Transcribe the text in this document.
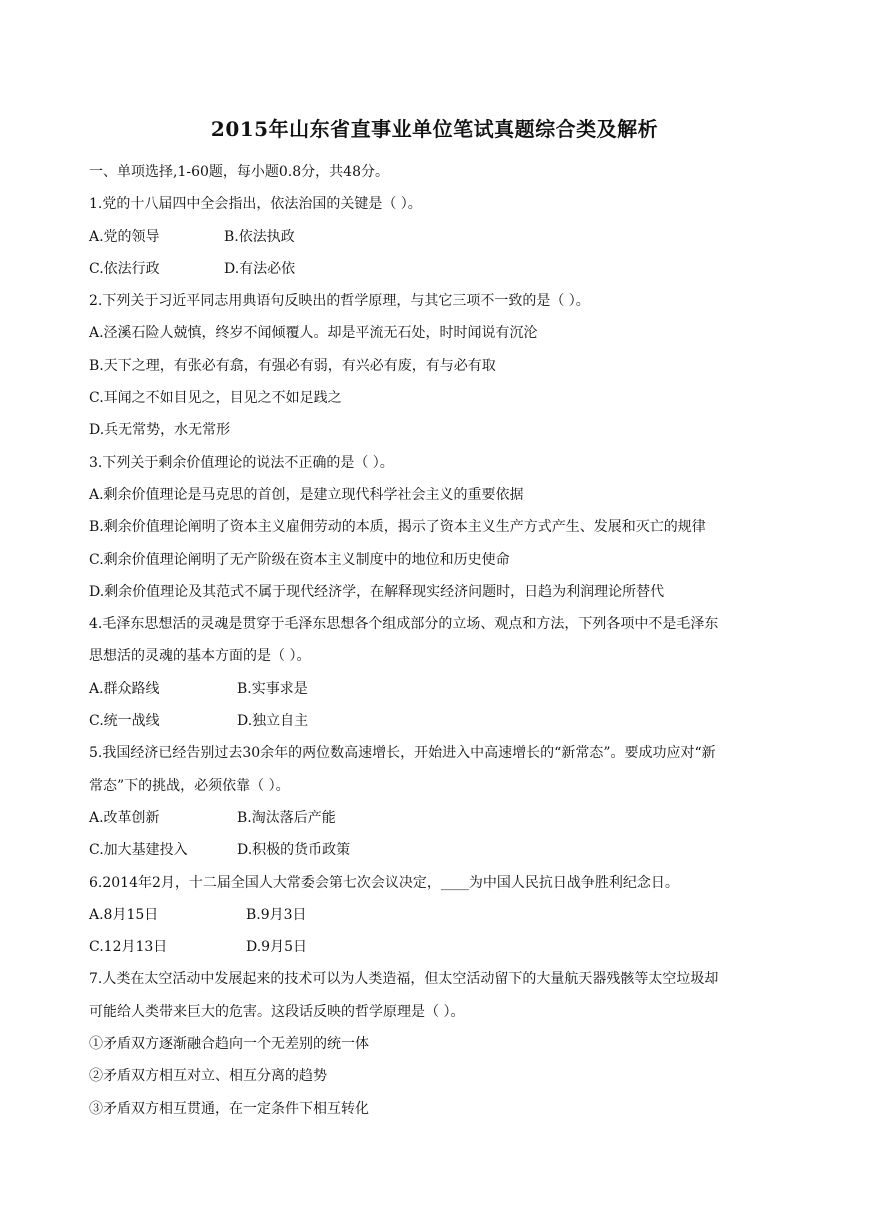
2015年山东省直事业单位笔试真题综合类及解析
一、单项选择,1-60题，每小题0.8分，共48分。
1.党的十八届四中全会指出，依法治国的关键是（ ）。
A.党的领导	B.依法执政
C.依法行政	D.有法必依
2.下列关于习近平同志用典语句反映出的哲学原理，与其它三项不一致的是（ ）。
A.泾溪石险人兢慎，终岁不闻倾覆人。却是平流无石处，时时闻说有沉沦
B.天下之理，有张必有翕，有强必有弱，有兴必有废，有与必有取
C.耳闻之不如目见之，目见之不如足践之
D.兵无常势，水无常形
3.下列关于剩余价值理论的说法不正确的是（ ）。
A.剩余价值理论是马克思的首创，是建立现代科学社会主义的重要依据
B.剩余价值理论阐明了资本主义雇佣劳动的本质，揭示了资本主义生产方式产生、发展和灭亡的规律
C.剩余价值理论阐明了无产阶级在资本主义制度中的地位和历史使命
D.剩余价值理论及其范式不属于现代经济学，在解释现实经济问题时，日趋为利润理论所替代
4.毛泽东思想活的灵魂是贯穿于毛泽东思想各个组成部分的立场、观点和方法，下列各项中不是毛泽东
思想活的灵魂的基本方面的是（ ）。
A.群众路线	B.实事求是
C.统一战线	D.独立自主
5.我国经济已经告别过去30余年的两位数高速增长，开始进入中高速增长的“新常态”。要成功应对“新
常态”下的挑战，必须依靠（ ）。
A.改革创新	B.淘汰落后产能
C.加大基建投入	D.积极的货币政策
6.2014年2月，十二届全国人大常委会第七次会议决定，____为中国人民抗日战争胜利纪念日。
A.8月15日	B.9月3日
C.12月13日	D.9月5日
7.人类在太空活动中发展起来的技术可以为人类造福，但太空活动留下的大量航天器残骸等太空垃圾却
可能给人类带来巨大的危害。这段话反映的哲学原理是（ ）。
①矛盾双方逐渐融合趋向一个无差别的统一体
②矛盾双方相互对立、相互分离的趋势
③矛盾双方相互贯通，在一定条件下相互转化
